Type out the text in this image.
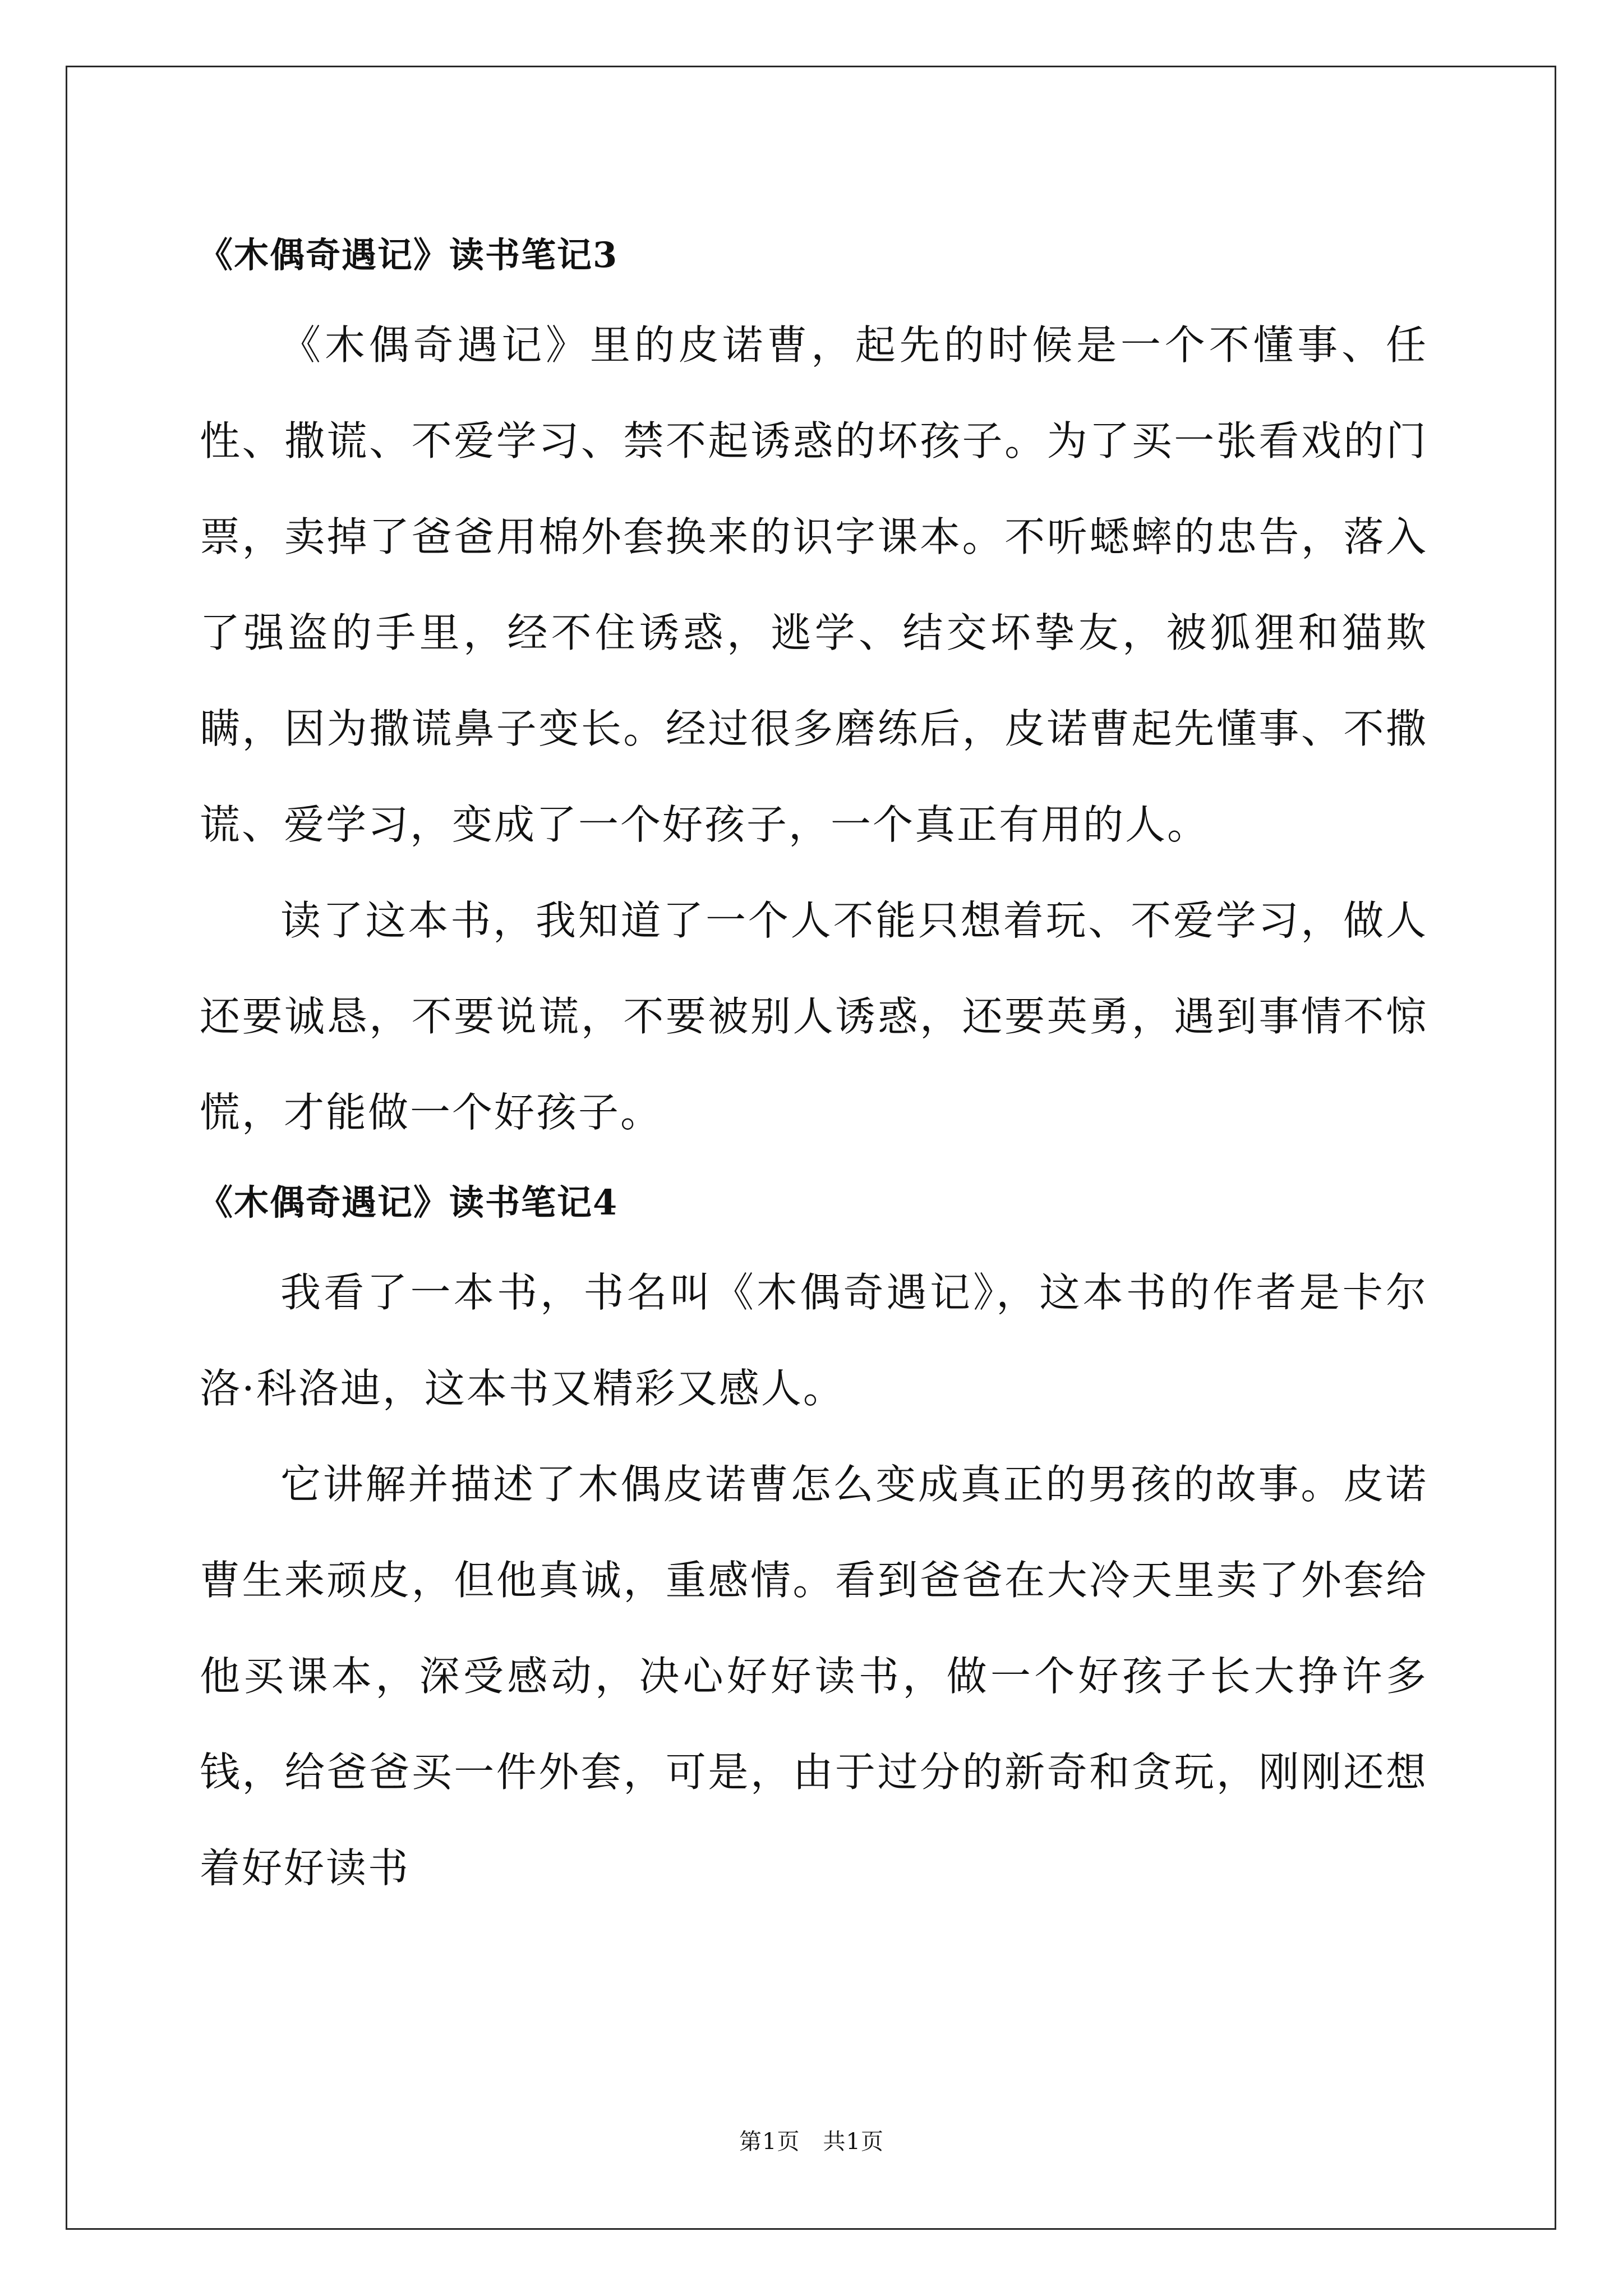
《木偶奇遇记》读书笔记3

《木偶奇遇记》里的皮诺曹，起先的时候是一个不懂事、任性、撒谎、不爱学习、禁不起诱惑的坏孩子。为了买一张看戏的门票，卖掉了爸爸用棉外套换来的识字课本。不听蟋蟀的忠告，落入了强盗的手里，经不住诱惑，逃学、结交坏挚友，被狐狸和猫欺瞒，因为撒谎鼻子变长。经过很多磨练后，皮诺曹起先懂事、不撒谎、爱学习，变成了一个好孩子，一个真正有用的人。

读了这本书，我知道了一个人不能只想着玩、不爱学习，做人还要诚恳，不要说谎，不要被别人诱惑，还要英勇，遇到事情不惊慌，才能做一个好孩子。

《木偶奇遇记》读书笔记4

我看了一本书，书名叫《木偶奇遇记》，这本书的作者是卡尔洛·科洛迪，这本书又精彩又感人。

它讲解并描述了木偶皮诺曹怎么变成真正的男孩的故事。皮诺曹生来顽皮，但他真诚，重感情。看到爸爸在大冷天里卖了外套给他买课本，深受感动，决心好好读书，做一个好孩子长大挣许多钱，给爸爸买一件外套，可是，由于过分的新奇和贪玩，刚刚还想着好好读书

第1页　共1页
